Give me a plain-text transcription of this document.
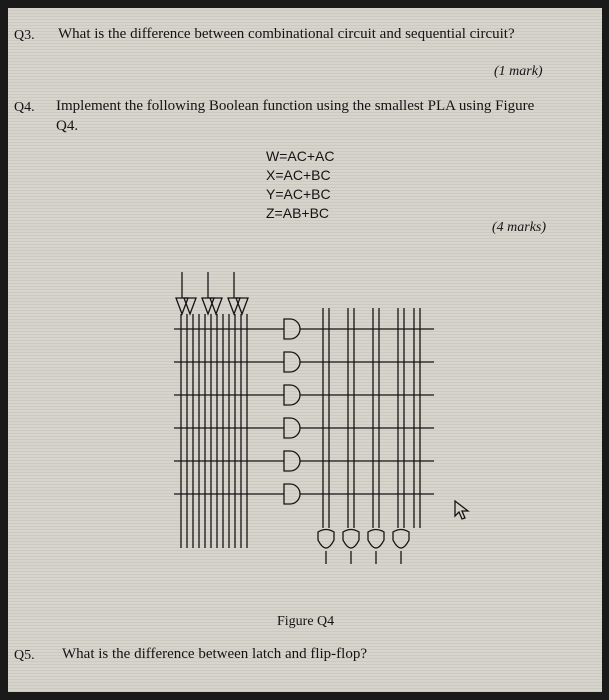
Q3. What is the difference between combinational circuit and sequential circuit?
(1 mark)
Q4. Implement the following Boolean function using the smallest PLA using Figure
Q4.
W=AC+AC
X=AC+BC
Y=AC+BC
Z=AB+BC
(4 marks)
Figure Q4
Q5. What is the difference between latch and flip-flop?
